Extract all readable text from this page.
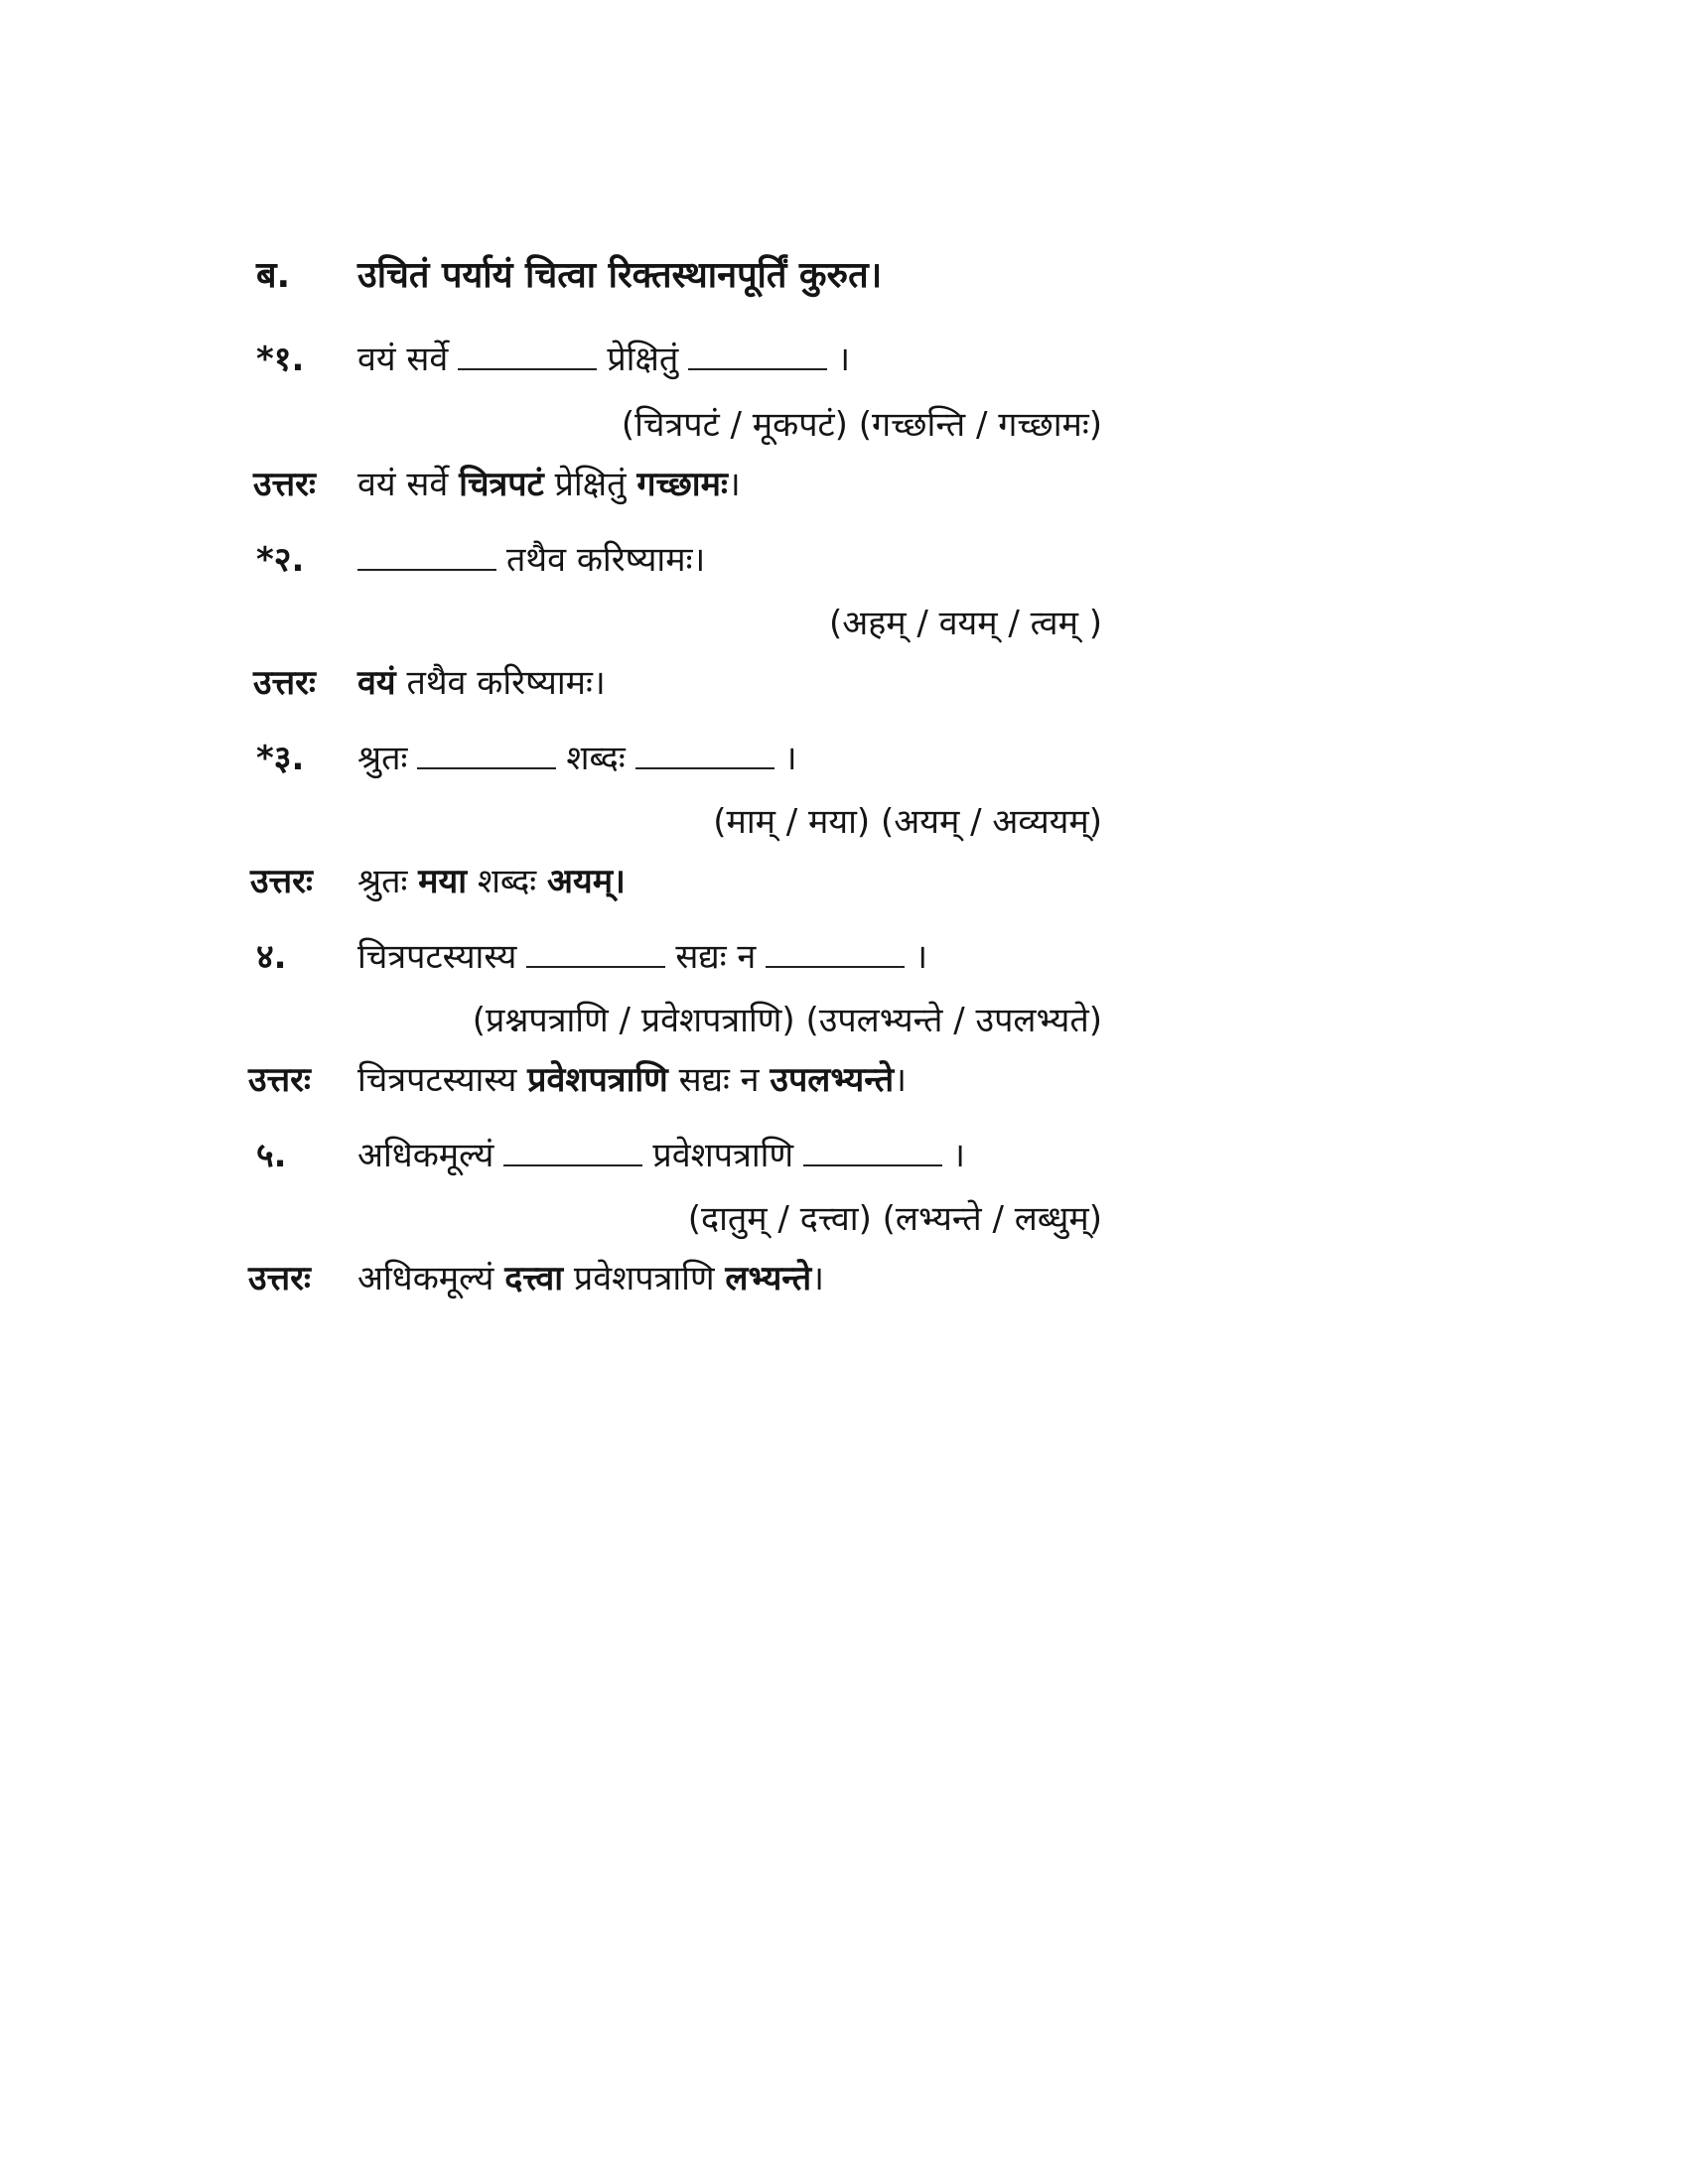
ब. उचितं पर्यायं चित्वा रिक्तस्थानपूर्तिं कुरुत।
*१. वयं सर्वे	प्रेक्षितुं	।
(चित्रपटं / मूकपटं) (गच्छन्ति / गच्छामः)
उत्तरः वयं सर्वे चित्रपटं प्रेक्षितुं गच्छामः।
*२.	तथैव करिष्यामः।
(अहम् / वयम् / त्वम् )
उत्तरः वयं तथैव करिष्यामः।
*३. श्रुतः	शब्दः	।
(माम् / मया) (अयम् / अव्ययम्)
उत्तरः श्रुतः मया शब्दः अयम्।
४. चित्रपटस्यास्य	सद्यः न	।
(प्रश्नपत्राणि / प्रवेशपत्राणि) (उपलभ्यन्ते / उपलभ्यते)
उत्तरः चित्रपटस्यास्य प्रवेशपत्राणि सद्यः न उपलभ्यन्ते।
५. अधिकमूल्यं	प्रवेशपत्राणि	।
(दातुम् / दत्त्वा) (लभ्यन्ते / लब्धुम्)
उत्तरः अधिकमूल्यं दत्त्वा प्रवेशपत्राणि लभ्यन्ते।
